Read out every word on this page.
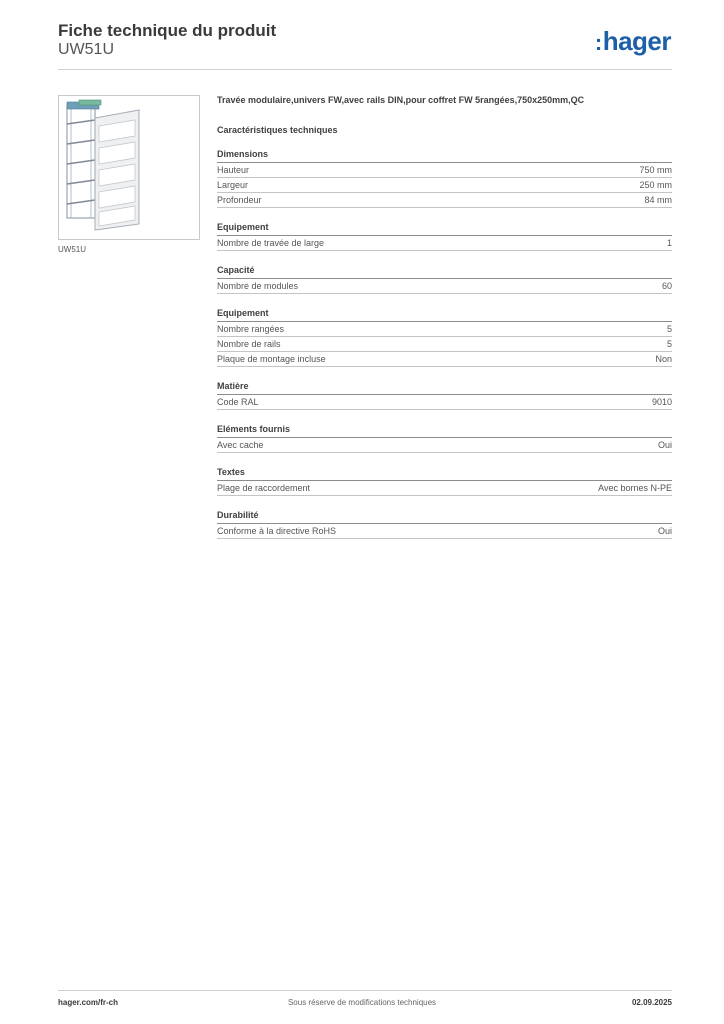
Fiche technique du produit
UW51U	:hager
UW51U
Travée modulaire,univers FW,avec rails DIN,pour coffret FW 5rangées,750x250mm,QC
Caractéristiques techniques
Dimensions
Hauteur	750 mm
Largeur	250 mm
Profondeur	84 mm
Equipement
Nombre de travée de large	1
Capacité
Nombre de modules	60
Equipement
Nombre rangées	5
Nombre de rails	5
Plaque de montage incluse	Non
Matière
Code RAL	9010
Eléments fournis
Avec cache	Oui
Textes
Plage de raccordement	Avec bornes N-PE
Durabilité
Conforme à la directive RoHS	Oui
hager.com/fr-ch	Sous réserve de modifications techniques	02.09.2025
